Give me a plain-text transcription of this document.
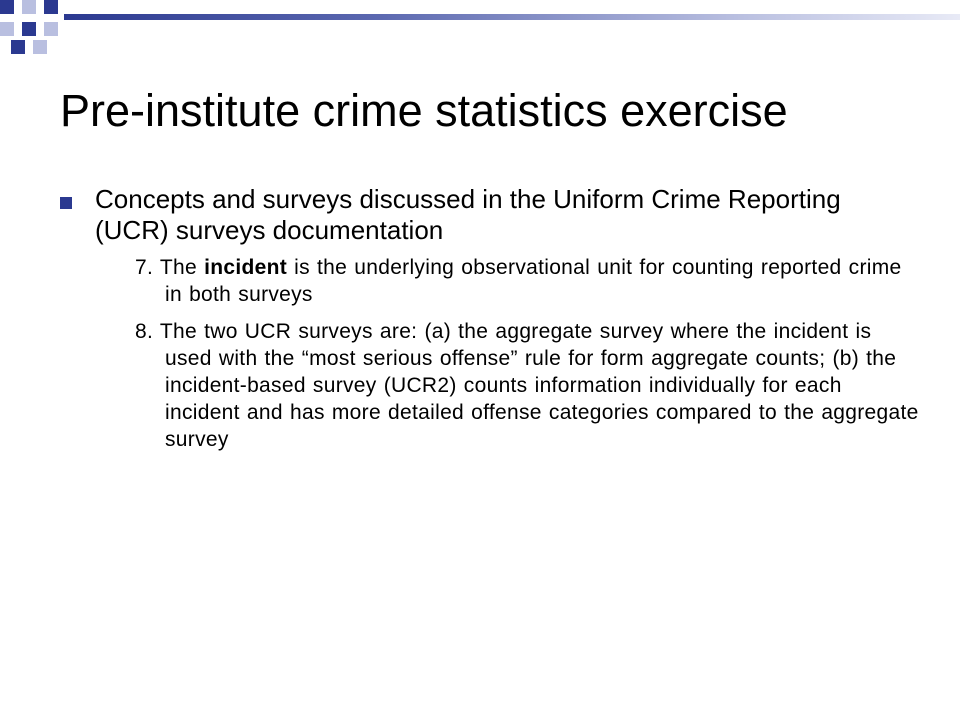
Pre-institute crime statistics exercise

Concepts and surveys discussed in the Uniform Crime Reporting (UCR) surveys documentation

7. The incident is the underlying observational unit for counting reported crime in both surveys

8. The two UCR surveys are: (a) the aggregate survey where the incident is used with the “most serious offense” rule for form aggregate counts; (b) the incident-based survey (UCR2) counts information individually for each incident and has more detailed offense categories compared to the aggregate survey
